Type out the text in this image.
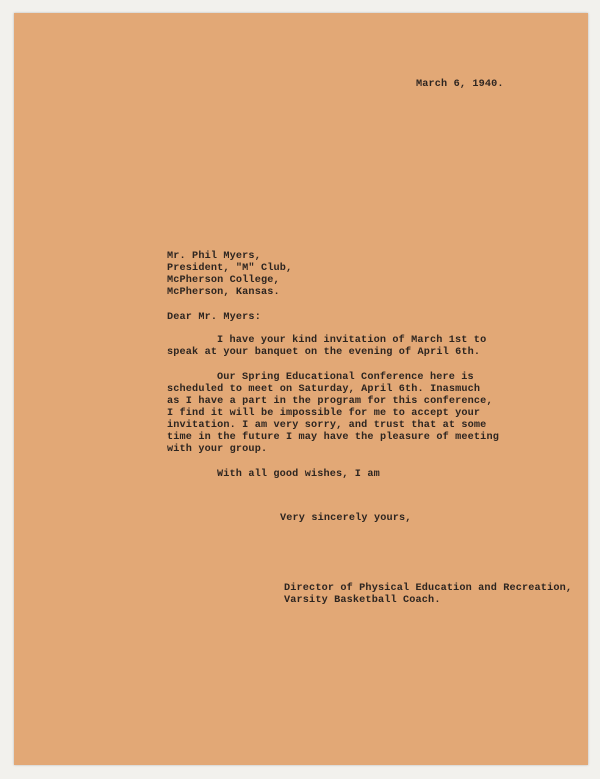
March 6, 1940.
Mr. Phil Myers,
President, "M" Club,
McPherson College,
McPherson, Kansas.
Dear Mr. Myers:
I have your kind invitation of March 1st to
speak at your banquet on the evening of April 6th.
Our Spring Educational Conference here is
scheduled to meet on Saturday, April 6th. Inasmuch
as I have a part in the program for this conference,
I find it will be impossible for me to accept your
invitation. I am very sorry, and trust that at some
time in the future I may have the pleasure of meeting
with your group.
With all good wishes, I am
Very sincerely yours,
Director of Physical Education and Recreation,
Varsity Basketball Coach.
